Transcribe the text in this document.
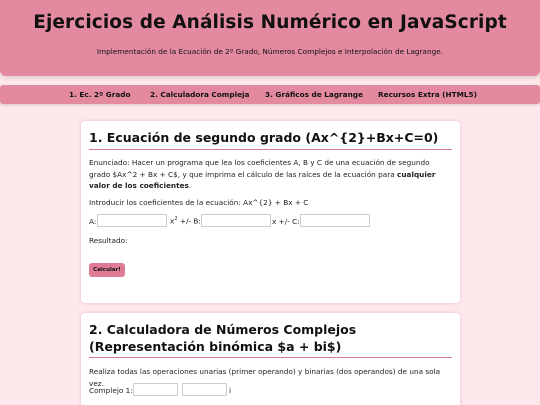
Ejercicios de Análisis Numérico en JavaScript

Implementación de la Ecuación de 2º Grado, Números Complejos e Interpolación de Lagrange.

1. Ec. 2º Grado	2. Calculadora Compleja 3. Gráficos de Lagrange Recursos Extra (HTML5)
1. Ecuación de segundo grado (Ax^{2}+Bx+C=0)
Enunciado: Hacer un programa que lea los coeficientes A, B y C de una ecuación de segundo grado $Ax^2 + Bx + C$, y que imprima el cálculo de las raíces de la ecuación para cualquier valor de los coeficientes.
Introducir los coeficientes de la ecuación: Ax^{2} + Bx + C
A:	$x^2$ +/- B:	x +/- C:
Resultado:
Calcular!
2. Calculadora de Números Complejos (Representación binómica $a + bi$)
Realiza todas las operaciones unarias (primer operando) y binarias (dos operandos) de una sola vez.
Complejo 1:	i
